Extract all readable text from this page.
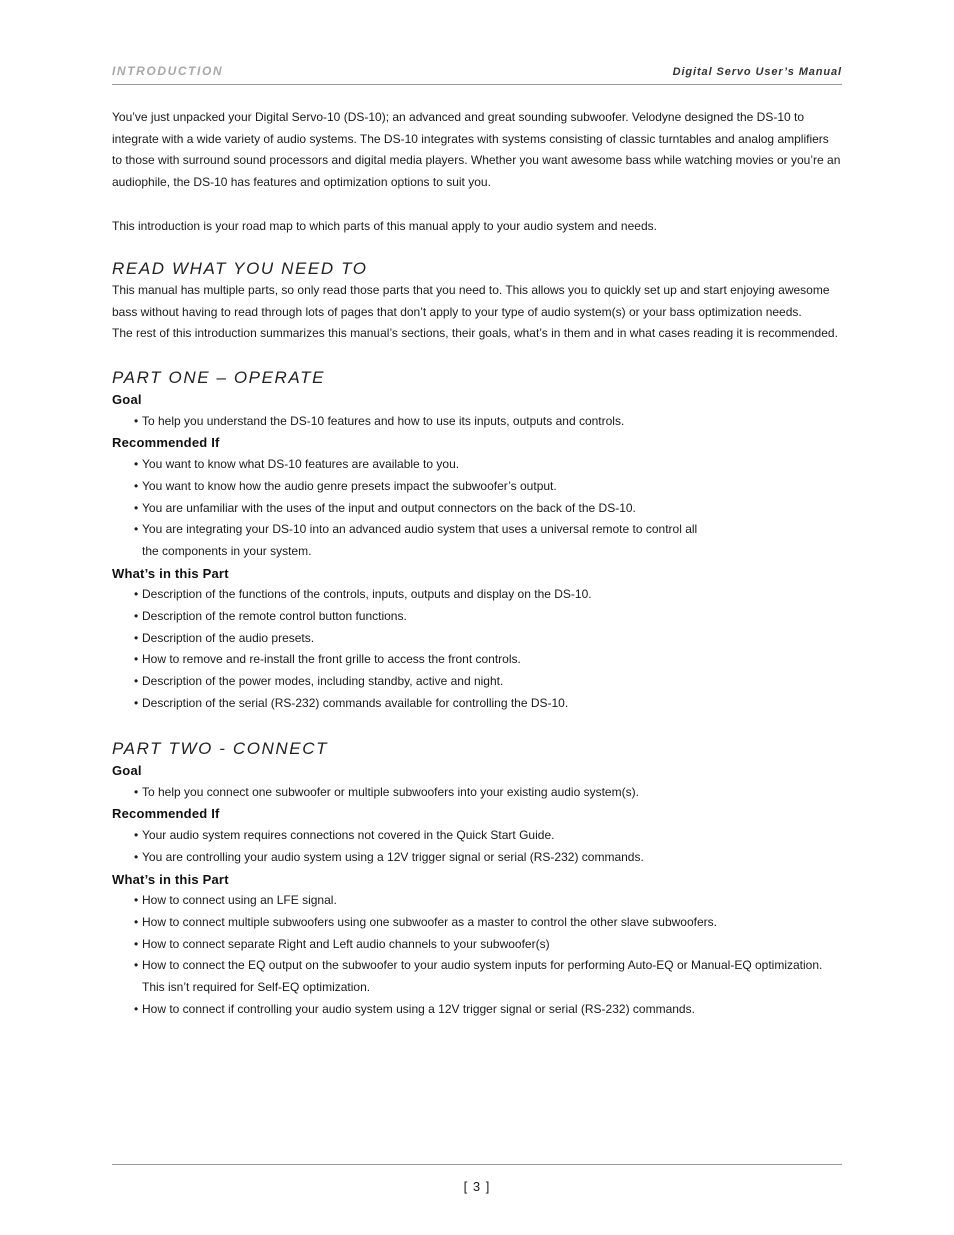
INTRODUCTION	Digital Servo User’s Manual

You’ve just unpacked your Digital Servo-10 (DS-10); an advanced and great sounding subwoofer. Velodyne designed the DS-10 to integrate with a wide variety of audio systems. The DS-10 integrates with systems consisting of classic turntables and analog amplifiers to those with surround sound processors and digital media players. Whether you want awesome bass while watching movies or you’re an audiophile, the DS-10 has features and optimization options to suit you.

This introduction is your road map to which parts of this manual apply to your audio system and needs.

READ WHAT YOU NEED TO

This manual has multiple parts, so only read those parts that you need to. This allows you to quickly set up and start enjoying awesome bass without having to read through lots of pages that don’t apply to your type of audio system(s) or your bass optimization needs.

The rest of this introduction summarizes this manual’s sections, their goals, what’s in them and in what cases reading it is recommended.

PART ONE – OPERATE

Goal

• To help you understand the DS-10 features and how to use its inputs, outputs and controls.

Recommended If

• You want to know what DS-10 features are available to you.
• You want to know how the audio genre presets impact the subwoofer’s output.
• You are unfamiliar with the uses of the input and output connectors on the back of the DS-10.
• You are integrating your DS-10 into an advanced audio system that uses a universal remote to control all the components in your system.

What’s in this Part

• Description of the functions of the controls, inputs, outputs and display on the DS-10.
• Description of the remote control button functions.
• Description of the audio presets.
• How to remove and re-install the front grille to access the front controls.
• Description of the power modes, including standby, active and night.
• Description of the serial (RS-232) commands available for controlling the DS-10.
PART TWO - CONNECT

Goal

• To help you connect one subwoofer or multiple subwoofers into your existing audio system(s).

Recommended If

• Your audio system requires connections not covered in the Quick Start Guide.
• You are controlling your audio system using a 12V trigger signal or serial (RS-232) commands.

What’s in this Part

• How to connect using an LFE signal.
• How to connect multiple subwoofers using one subwoofer as a master to control the other slave subwoofers.
• How to connect separate Right and Left audio channels to your subwoofer(s)
• How to connect the EQ output on the subwoofer to your audio system inputs for performing Auto-EQ or Manual-EQ optimization. This isn’t required for Self-EQ optimization.
• How to connect if controlling your audio system using a 12V trigger signal or serial (RS-232) commands.
[ 3 ]
